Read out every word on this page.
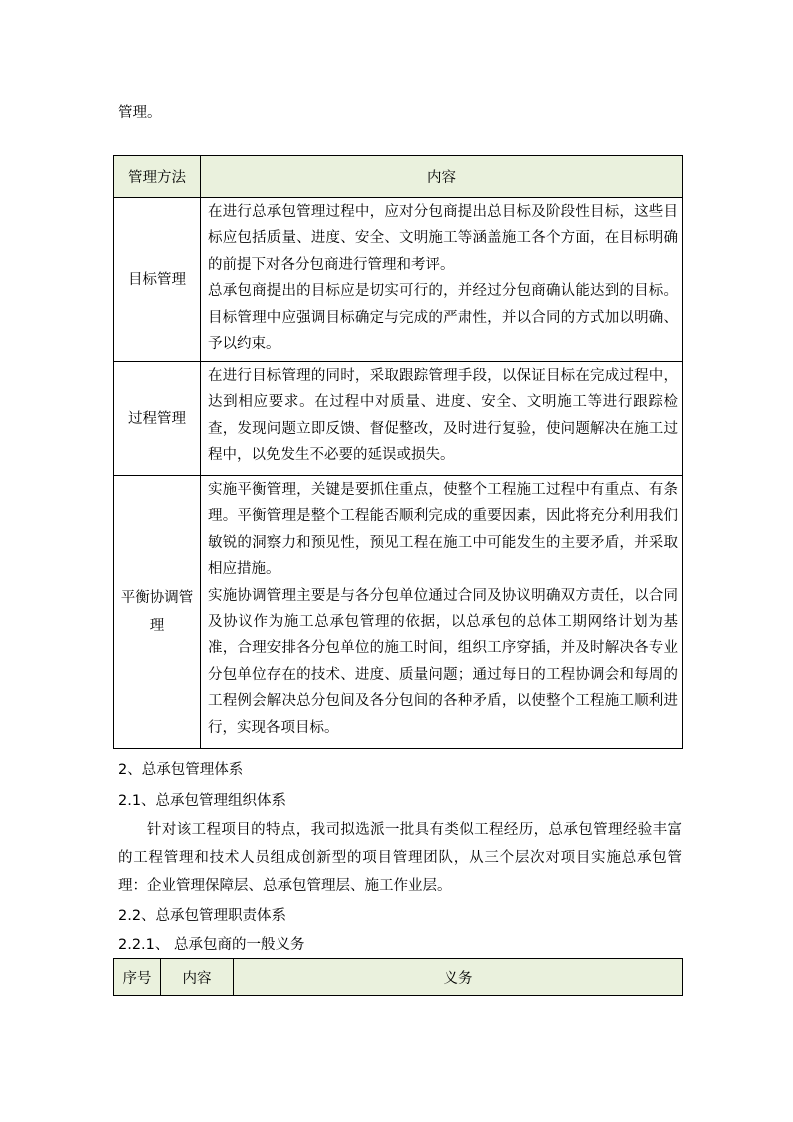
管理。
管理方法	内容
目标管理	在进行总承包管理过程中，应对分包商提出总目标及阶段性目标，这些目标应包括质量、进度、安全、文明施工等涵盖施工各个方面，在目标明确的前提下对各分包商进行管理和考评。

总承包商提出的目标应是切实可行的，并经过分包商确认能达到的目标。目标管理中应强调目标确定与完成的严肃性，并以合同的方式加以明确、予以约束。

过程管理	在进行目标管理的同时，采取跟踪管理手段，以保证目标在完成过程中，达到相应要求。在过程中对质量、进度、安全、文明施工等进行跟踪检查，发现问题立即反馈、督促整改，及时进行复验，使问题解决在施工过程中，以免发生不必要的延误或损失。

平衡协调管理	实施平衡管理，关键是要抓住重点，使整个工程施工过程中有重点、有条理。平衡管理是整个工程能否顺利完成的重要因素，因此将充分利用我们敏锐的洞察力和预见性，预见工程在施工中可能发生的主要矛盾，并采取相应措施。

实施协调管理主要是与各分包单位通过合同及协议明确双方责任，以合同及协议作为施工总承包管理的依据，以总承包的总体工期网络计划为基准，合理安排各分包单位的施工时间，组织工序穿插，并及时解决各专业分包单位存在的技术、进度、质量问题；通过每日的工程协调会和每周的工程例会解决总分包间及各分包间的各种矛盾，以使整个工程施工顺利进行，实现各项目标。

2、总承包管理体系
2.1、总承包管理组织体系
针对该工程项目的特点，我司拟选派一批具有类似工程经历，总承包管理经验丰富的工程管理和技术人员组成创新型的项目管理团队，从三个层次对项目实施总承包管理：企业管理保障层、总承包管理层、施工作业层。
2.2、总承包管理职责体系
2.2.1、 总承包商的一般义务
序号	内容	义务
